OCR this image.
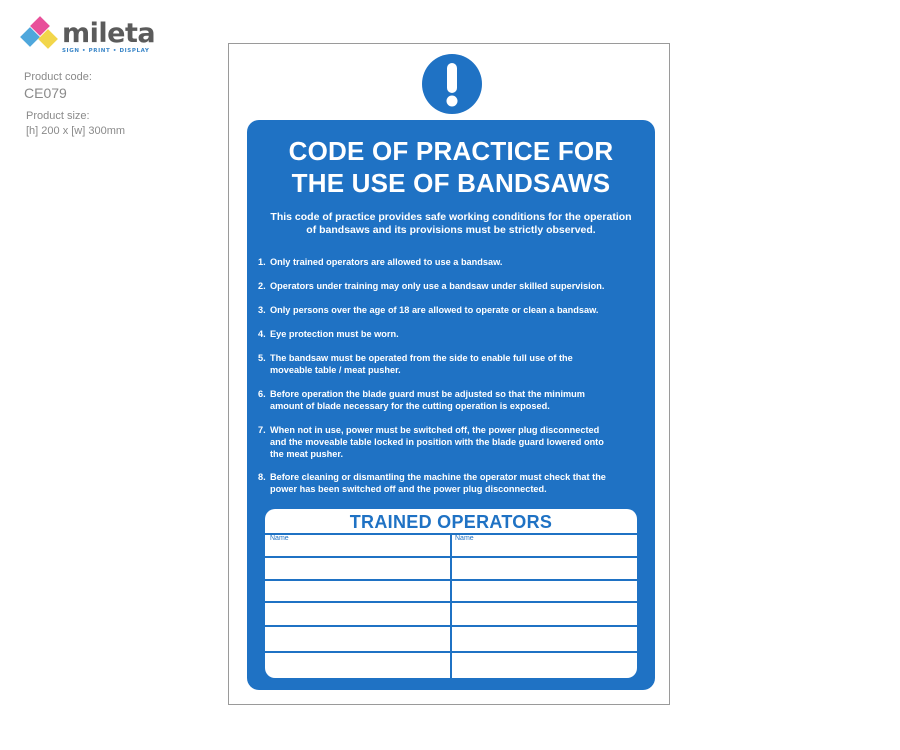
mileta
SIGN • PRINT • DISPLAY
Product code:
CE079
Product size:
[h] 200 x [w] 300mm
CODE OF PRACTICE FOR
THE USE OF BANDSAWS
This code of practice provides safe working conditions for the operation
of bandsaws and its provisions must be strictly observed.
1. Only trained operators are allowed to use a bandsaw.
2. Operators under training may only use a bandsaw under skilled supervision.
3. Only persons over the age of 18 are allowed to operate or clean a bandsaw.
4. Eye protection must be worn.
5. The bandsaw must be operated from the side to enable full use of the
moveable table / meat pusher.
6. Before operation the blade guard must be adjusted so that the minimum
amount of blade necessary for the cutting operation is exposed.
7. When not in use, power must be switched off, the power plug disconnected
and the moveable table locked in position with the blade guard lowered onto
the meat pusher.
8. Before cleaning or dismantling the machine the operator must check that the
power has been switched off and the power plug disconnected.
TRAINED OPERATORS
Name	Name
